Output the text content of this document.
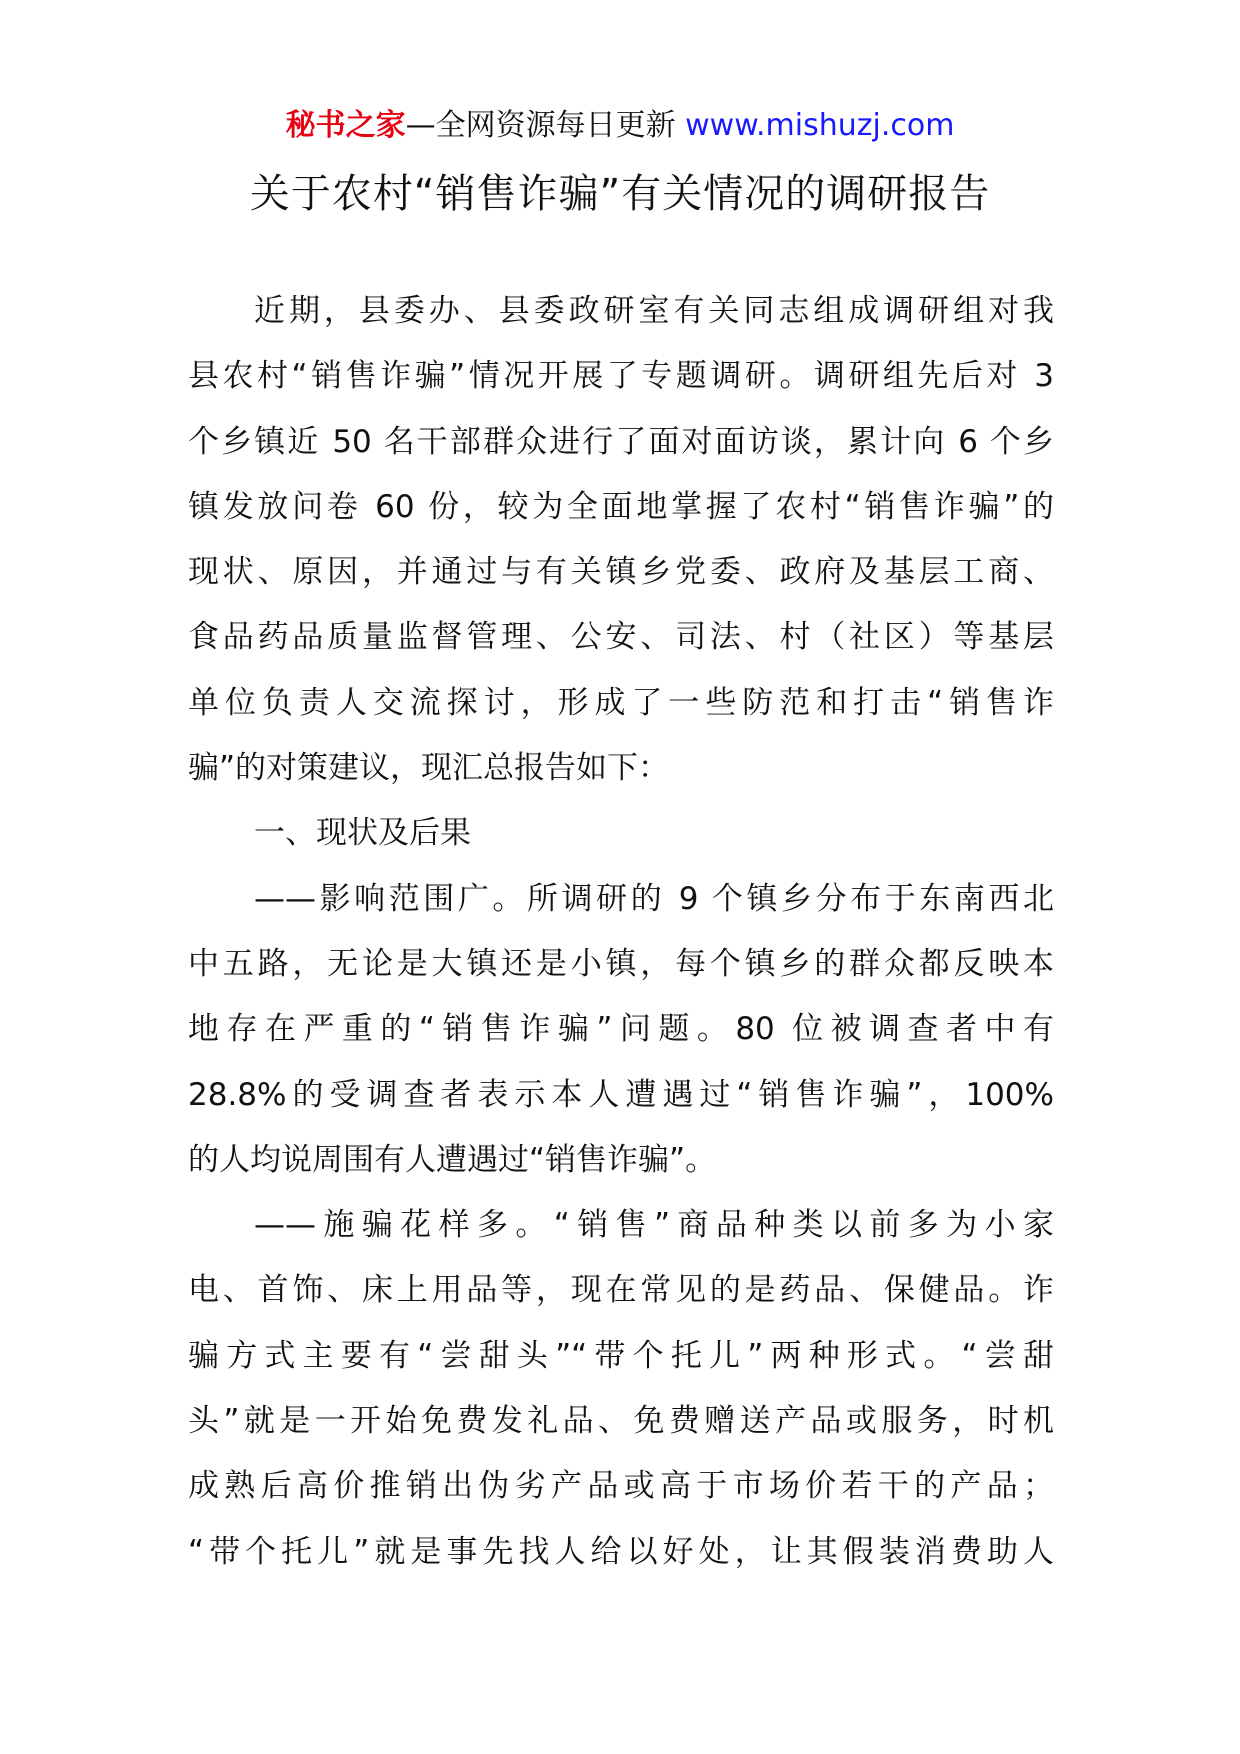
秘书之家—全网资源每日更新 www.mishuzj.com
关于农村“销售诈骗”有关情况的调研报告
近期，县委办、县委政研室有关同志组成调研组对我
县农村“销售诈骗”情况开展了专题调研。调研组先后对 3
个乡镇近 50 名干部群众进行了面对面访谈，累计向 6 个乡
镇发放问卷 60 份，较为全面地掌握了农村“销售诈骗”的
现状、原因，并通过与有关镇乡党委、政府及基层工商、
食品药品质量监督管理、公安、司法、村（社区）等基层
单位负责人交流探讨，形成了一些防范和打击“销售诈
骗”的对策建议，现汇总报告如下：
一、现状及后果
——影响范围广。所调研的 9 个镇乡分布于东南西北
中五路，无论是大镇还是小镇，每个镇乡的群众都反映本
地存在严重的“销售诈骗”问题。80 位被调查者中有
28.8%的受调查者表示本人遭遇过“销售诈骗”，100%
的人均说周围有人遭遇过“销售诈骗”。
——施骗花样多。“销售”商品种类以前多为小家
电、首饰、床上用品等，现在常见的是药品、保健品。诈
骗方式主要有“尝甜头”“带个托儿”两种形式。“尝甜
头”就是一开始免费发礼品、免费赠送产品或服务，时机
成熟后高价推销出伪劣产品或高于市场价若干的产品；
“带个托儿”就是事先找人给以好处，让其假装消费助人
